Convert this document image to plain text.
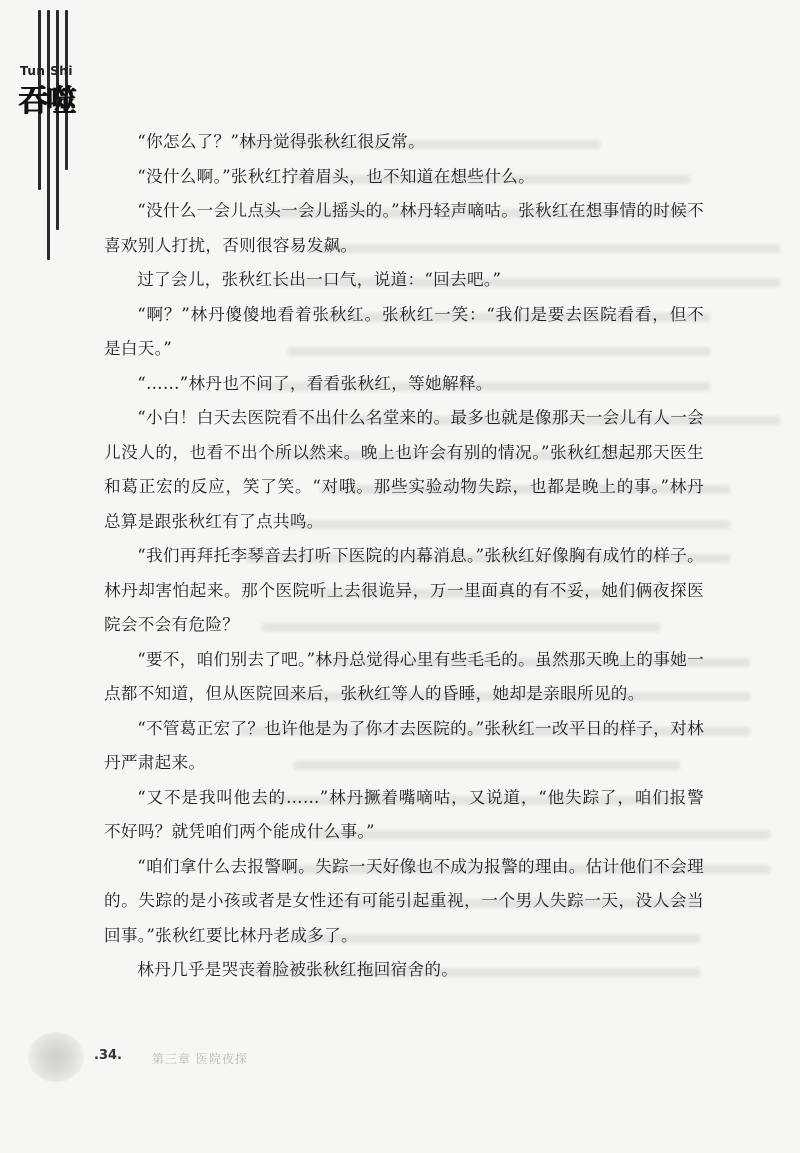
Tun Shi
吞噬

“你怎么了？”林丹觉得张秋红很反常。

“没什么啊。”张秋红拧着眉头，也不知道在想些什么。

“没什么一会儿点头一会儿摇头的。”林丹轻声嘀咕。张秋红在想事情的时候不喜欢别人打扰，否则很容易发飙。

过了会儿，张秋红长出一口气，说道：“回去吧。”

“啊？”林丹傻傻地看着张秋红。张秋红一笑：“我们是要去医院看看，但不是白天。”

“……”林丹也不问了，看看张秋红，等她解释。

“小白！白天去医院看不出什么名堂来的。最多也就是像那天一会儿有人一会儿没人的，也看不出个所以然来。晚上也许会有别的情况。”张秋红想起那天医生和葛正宏的反应，笑了笑。“对哦。那些实验动物失踪，也都是晚上的事。”林丹总算是跟张秋红有了点共鸣。

“我们再拜托李琴音去打听下医院的内幕消息。”张秋红好像胸有成竹的样子。林丹却害怕起来。那个医院听上去很诡异，万一里面真的有不妥，她们俩夜探医院会不会有危险？

“要不，咱们别去了吧。”林丹总觉得心里有些毛毛的。虽然那天晚上的事她一点都不知道，但从医院回来后，张秋红等人的昏睡，她却是亲眼所见的。

“不管葛正宏了？也许他是为了你才去医院的。”张秋红一改平日的样子，对林丹严肃起来。

“又不是我叫他去的……”林丹撅着嘴嘀咕，又说道，“他失踪了，咱们报警不好吗？就凭咱们两个能成什么事。”

“咱们拿什么去报警啊。失踪一天好像也不成为报警的理由。估计他们不会理的。失踪的是小孩或者是女性还有可能引起重视，一个男人失踪一天，没人会当回事。”张秋红要比林丹老成多了。

林丹几乎是哭丧着脸被张秋红拖回宿舍的。

.34.	第三章 医院夜探
